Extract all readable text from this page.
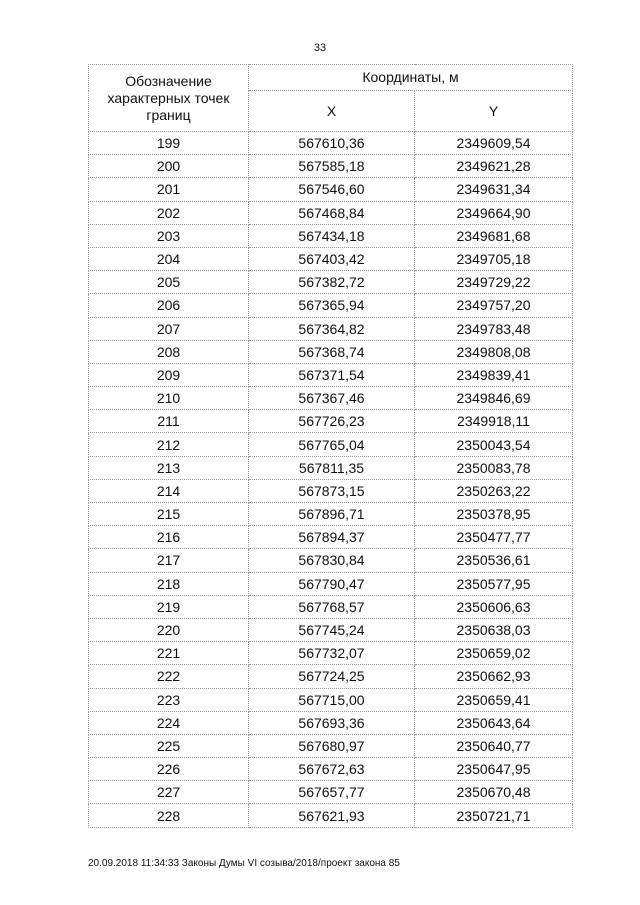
33
Обозначение характерных точек границ	Координаты, м	
	X	Y
199	567610,36	2349609,54
200	567585,18	2349621,28
201	567546,60	2349631,34
202	567468,84	2349664,90
203	567434,18	2349681,68
204	567403,42	2349705,18
205	567382,72	2349729,22
206	567365,94	2349757,20
207	567364,82	2349783,48
208	567368,74	2349808,08
209	567371,54	2349839,41
210	567367,46	2349846,69
211	567726,23	2349918,11
212	567765,04	2350043,54
213	567811,35	2350083,78
214	567873,15	2350263,22
215	567896,71	2350378,95
216	567894,37	2350477,77
217	567830,84	2350536,61
218	567790,47	2350577,95
219	567768,57	2350606,63
220	567745,24	2350638,03
221	567732,07	2350659,02
222	567724,25	2350662,93
223	567715,00	2350659,41
224	567693,36	2350643,64
225	567680,97	2350640,77
226	567672,63	2350647,95
227	567657,77	2350670,48
228	567621,93	2350721,71
20.09.2018 11:34:33 Законы Думы VI созыва/2018/проект закона 85
